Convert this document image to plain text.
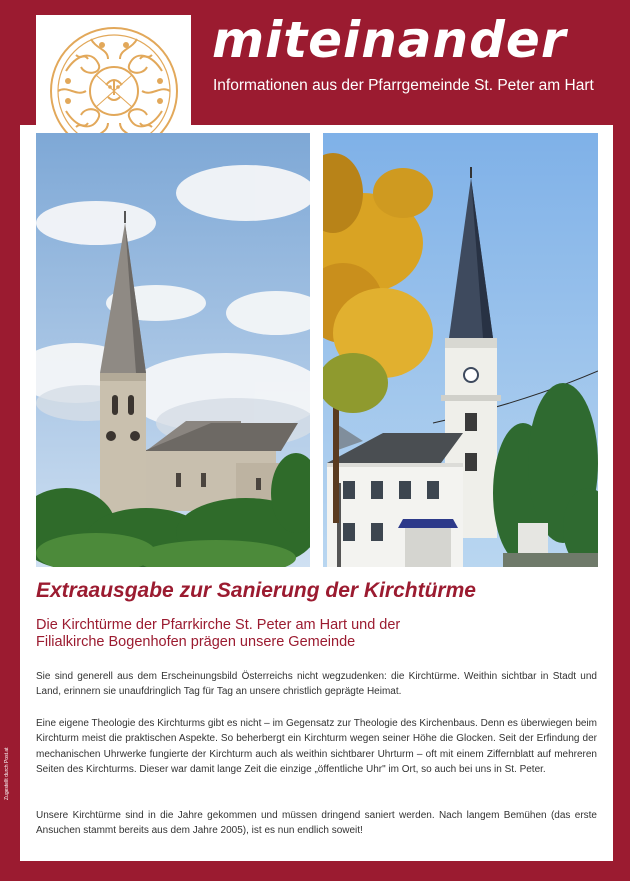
miteinander
Informationen aus der Pfarrgemeinde St. Peter am Hart
Extraausgabe zur Sanierung der Kirchtürme
Die Kirchtürme der Pfarrkirche St. Peter am Hart und der
Filialkirche Bogenhofen prägen unsere Gemeinde
Sie sind generell aus dem Erscheinungsbild Österreichs nicht wegzudenken: die Kirchtürme. Weithin sichtbar in Stadt und Land, erinnern sie unaufdringlich Tag für Tag an unsere christlich geprägte Heimat.
Eine eigene Theologie des Kirchturms gibt es nicht – im Gegensatz zur Theologie des Kirchenbaus. Denn es überwiegen beim Kirchturm meist die praktischen Aspekte. So beherbergt ein Kirchturm wegen seiner Höhe die Glocken. Seit der Erfindung der mechanischen Uhrwerke fungierte der Kirchturm auch als weithin sichtbarer Uhrturm – oft mit einem Ziffernblatt auf mehreren Seiten des Kirchturms. Dieser war damit lange Zeit die einzige „öffentliche Uhr" im Ort, so auch bei uns in St. Peter.
Unsere Kirchtürme sind in die Jahre gekommen und müssen dringend saniert werden. Nach langem Bemühen (das erste Ansuchen stammt bereits aus dem Jahre 2005), ist es nun endlich soweit!
Zugestellt durch Post.at
